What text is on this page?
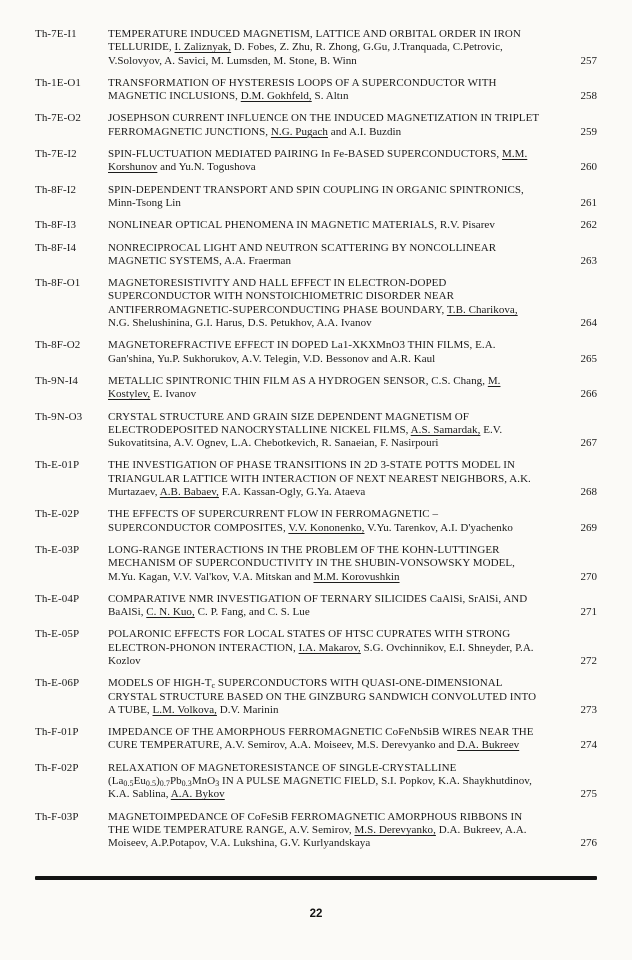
Th-7E-I1	TEMPERATURE INDUCED MAGNETISM, LATTICE AND ORBITAL ORDER IN IRON TELLURIDE, I. Zaliznyak, D. Fobes, Z. Zhu, R. Zhong, G.Gu, J.Tranquada, C.Petrovic, V.Solovyov, A. Savici, M. Lumsden, M. Stone, B. Winn	257
Th-1E-O1	TRANSFORMATION OF HYSTERESIS LOOPS OF A SUPERCONDUCTOR WITH MAGNETIC INCLUSIONS, D.M. Gokhfeld, S. Altın	258
Th-7E-O2	JOSEPHSON CURRENT INFLUENCE ON THE INDUCED MAGNETIZATION IN TRIPLET FERROMAGNETIC JUNCTIONS, N.G. Pugach and A.I. Buzdin	259
Th-7E-I2	SPIN-FLUCTUATION MEDIATED PAIRING In Fe-BASED SUPERCONDUCTORS, M.M. Korshunov and Yu.N. Togushova	260
Th-8F-I2	SPIN-DEPENDENT TRANSPORT AND SPIN COUPLING IN ORGANIC SPINTRONICS, Minn-Tsong Lin	261
Th-8F-I3	NONLINEAR OPTICAL PHENOMENA IN MAGNETIC MATERIALS, R.V. Pisarev	262
Th-8F-I4	NONRECIPROCAL LIGHT AND NEUTRON SCATTERING BY NONCOLLINEAR MAGNETIC SYSTEMS, A.A. Fraerman	263
Th-8F-O1	MAGNETORESISTIVITY AND HALL EFFECT IN ELECTRON-DOPED SUPERCONDUCTOR WITH NONSTOICHIOMETRIC DISORDER NEAR ANTIFERROMAGNETIC-SUPERCONDUCTING PHASE BOUNDARY, T.B. Charikova, N.G. Shelushinina, G.I. Harus, D.S. Petukhov, A.A. Ivanov	264
Th-8F-O2	MAGNETOREFRACTIVE EFFECT IN DOPED La1-XKXMnO3 THIN FILMS, E.A. Gan'shina, Yu.P. Sukhorukov, A.V. Telegin, V.D. Bessonov and A.R. Kaul	265
Th-9N-I4	METALLIC SPINTRONIC THIN FILM AS A HYDROGEN SENSOR, C.S. Chang, M. Kostylev, E. Ivanov	266
Th-9N-O3	CRYSTAL STRUCTURE AND GRAIN SIZE DEPENDENT MAGNETISM OF ELECTRODEPOSITED NANOCRYSTALLINE NICKEL FILMS, A.S. Samardak, E.V. Sukovatitsina, A.V. Ognev, L.A. Chebotkevich, R. Sanaeian, F. Nasirpouri	267
Th-E-01P	THE INVESTIGATION OF PHASE TRANSITIONS IN 2D 3-STATE POTTS MODEL IN TRIANGULAR LATTICE WITH INTERACTION OF NEXT NEAREST NEIGHBORS, A.K. Murtazaev, A.B. Babaev, F.A. Kassan-Ogly, G.Ya. Ataeva	268
Th-E-02P	THE EFFECTS OF SUPERCURRENT FLOW IN FERROMAGNETIC – SUPERCONDUCTOR COMPOSITES, V.V. Kononenko, V.Yu. Tarenkov, A.I. D'yachenko	269
Th-E-03P	LONG-RANGE INTERACTIONS IN THE PROBLEM OF THE KOHN-LUTTINGER MECHANISM OF SUPERCONDUCTIVITY IN THE SHUBIN-VONSOWSKY MODEL, M.Yu. Kagan, V.V. Val'kov, V.A. Mitskan and M.M. Korovushkin	270
Th-E-04P	COMPARATIVE NMR INVESTIGATION OF TERNARY SILICIDES CaAlSi, SrAlSi, AND BaAlSi, C. N. Kuo, C. P. Fang, and C. S. Lue	271
Th-E-05P	POLARONIC EFFECTS FOR LOCAL STATES OF HTSC CUPRATES WITH STRONG ELECTRON-PHONON INTERACTION, I.A. Makarov, S.G. Ovchinnikov, E.I. Shneyder, P.A. Kozlov	272
Th-E-06P	MODELS OF HIGH-$T_c$ SUPERCONDUCTORS WITH QUASI-ONE-DIMENSIONAL CRYSTAL STRUCTURE BASED ON THE GINZBURG SANDWICH CONVOLUTED INTO A TUBE, L.M. Volkova, D.V. Marinin	273
Th-F-01P	IMPEDANCE OF THE AMORPHOUS FERROMAGNETIC CoFeNbSiB WIRES NEAR THE CURE TEMPERATURE, A.V. Semirov, A.A. Moiseev, M.S. Derevyanko and D.A. Bukreev	274
Th-F-02P	RELAXATION OF MAGNETORESISTANCE OF SINGLE-CRYSTALLINE $(La_{0.5}Eu_{0.5})_{0.7}Pb_{0.3}MnO_3$ IN A PULSE MAGNETIC FIELD, S.I. Popkov, K.A. Shaykhutdinov, K.A. Sablina, A.A. Bykov	275
Th-F-03P	MAGNETOIMPEDANCE OF CoFeSiB FERROMAGNETIC AMORPHOUS RIBBONS IN THE WIDE TEMPERATURE RANGE, A.V. Semirov, M.S. Derevyanko, D.A. Bukreev, A.A. Moiseev, A.P.Potapov, V.A. Lukshina, G.V. Kurlyandskaya	276
22
